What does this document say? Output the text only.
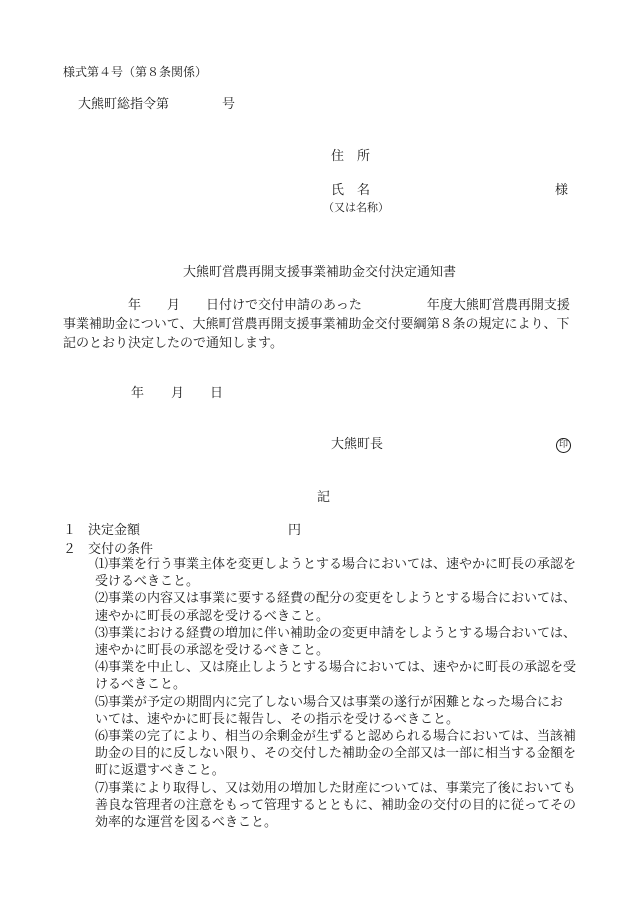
様式第４号（第８条関係）
大熊町総指令第	号
住　所
氏　名	様
（又は名称）
大熊町営農再開支援事業補助金交付決定通知書
　　　　　年　　月　　日付けで交付申請のあった　　　　　年度大熊町営農再開支援
事業補助金について、大熊町営農再開支援事業補助金交付要綱第８条の規定により、下
記のとおり決定したので通知します。
年 月 日
大熊町長	印
記
１ 決定金額	円
２ 交付の条件
⑴事業を行う事業主体を変更しようとする場合においては、速やかに町長の承認を
受けるべきこと。
⑵事業の内容又は事業に要する経費の配分の変更をしようとする場合においては、
速やかに町長の承認を受けるべきこと。
⑶事業における経費の増加に伴い補助金の変更申請をしようとする場合おいては、
速やかに町長の承認を受けるべきこと。
⑷事業を中止し、又は廃止しようとする場合においては、速やかに町長の承認を受
けるべきこと。
⑸事業が予定の期間内に完了しない場合又は事業の遂行が困難となった場合にお
いては、速やかに町長に報告し、その指示を受けるべきこと。
⑹事業の完了により、相当の余剰金が生ずると認められる場合においては、当該補
助金の目的に反しない限り、その交付した補助金の全部又は一部に相当する金額を
町に返還すべきこと。
⑺事業により取得し、又は効用の増加した財産については、事業完了後においても
善良な管理者の注意をもって管理するとともに、補助金の交付の目的に従ってその
効率的な運営を図るべきこと。
